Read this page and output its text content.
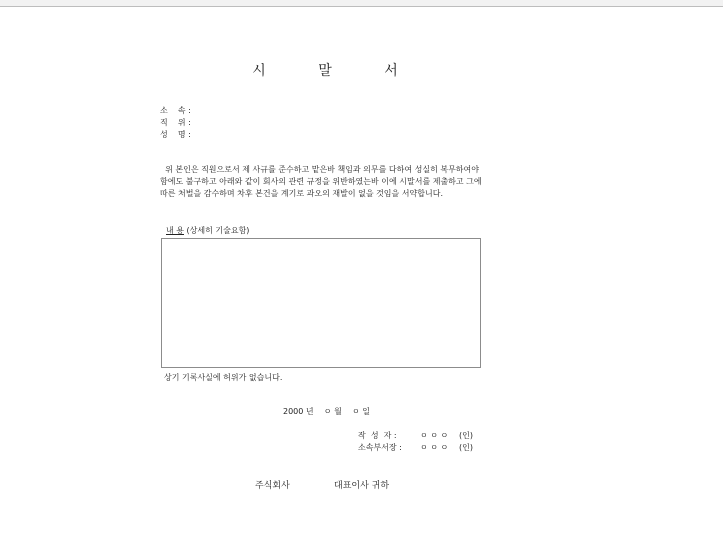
시 말 서
소    속 :
직    위 :
성    명 :
위 본인은 직원으로서 제 사규를 준수하고 맡은바 책임과 의무를 다하여 성실히 복무하여야
함에도 불구하고 아래와 같이 회사의 관련 규정을 위반하였는바 이에 시말서를 제출하고 그에
따른 처벌을 감수하며 차후 본건을 계기로 과오의 재발이 없을 것임을 서약합니다.
내 용 (상세히 기술요함)
상기 기록사실에 허위가 없습니다.
2000 년    ㅇ 월    ㅇ 일

작  성  자 :

	ㅇ ㅇ ㅇ

(인)

소속부서장 :

ㅇ ㅇ ㅇ

(인)

주식회사	대표이사 귀하
